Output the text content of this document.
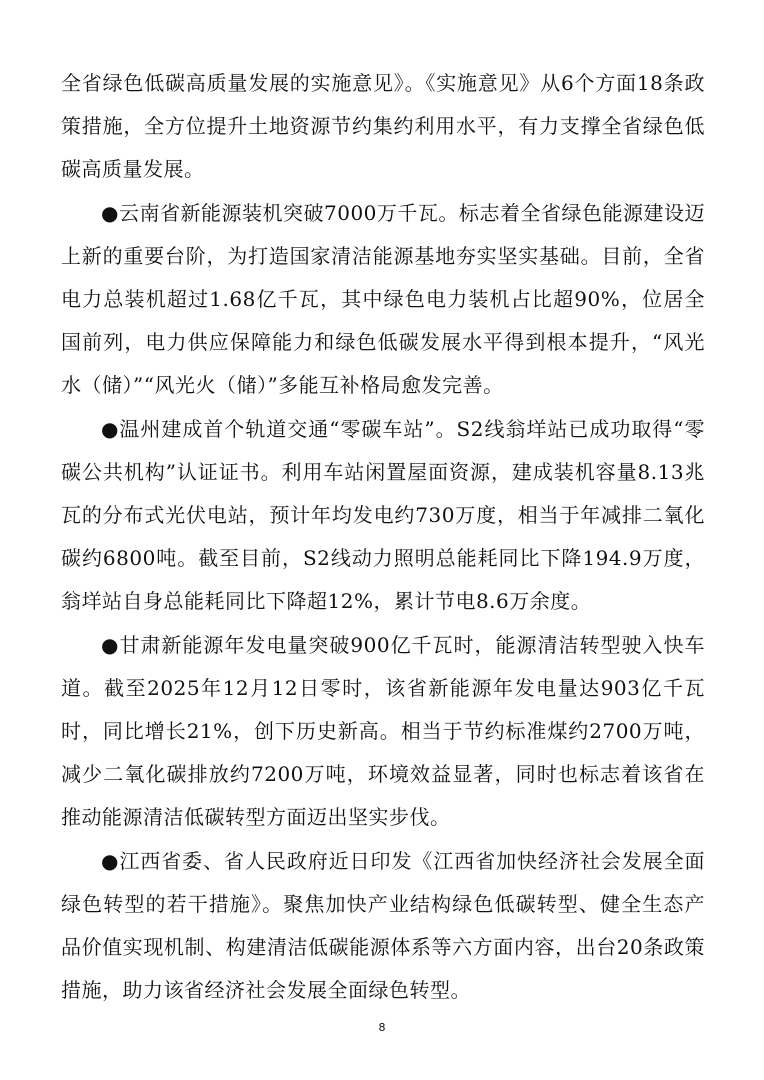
全省绿色低碳高质量发展的实施意见》。《实施意见》从6个方面18条政策措施，全方位提升土地资源节约集约利用水平，有力支撑全省绿色低碳高质量发展。

●云南省新能源装机突破7000万千瓦。标志着全省绿色能源建设迈上新的重要台阶，为打造国家清洁能源基地夯实坚实基础。目前，全省电力总装机超过1.68亿千瓦，其中绿色电力装机占比超90%，位居全国前列，电力供应保障能力和绿色低碳发展水平得到根本提升，“风光水（储）”“风光火（储）”多能互补格局愈发完善。

●温州建成首个轨道交通“零碳车站”。S2线翁垟站已成功取得“零碳公共机构”认证证书。利用车站闲置屋面资源，建成装机容量8.13兆瓦的分布式光伏电站，预计年均发电约730万度，相当于年减排二氧化碳约6800吨。截至目前，S2线动力照明总能耗同比下降194.9万度，翁垟站自身总能耗同比下降超12%，累计节电8.6万余度。

●甘肃新能源年发电量突破900亿千瓦时，能源清洁转型驶入快车道。截至2025年12月12日零时，该省新能源年发电量达903亿千瓦时，同比增长21%，创下历史新高。相当于节约标准煤约2700万吨，减少二氧化碳排放约7200万吨，环境效益显著，同时也标志着该省在推动能源清洁低碳转型方面迈出坚实步伐。

●江西省委、省人民政府近日印发《江西省加快经济社会发展全面绿色转型的若干措施》。聚焦加快产业结构绿色低碳转型、健全生态产品价值实现机制、构建清洁低碳能源体系等六方面内容，出台20条政策措施，助力该省经济社会发展全面绿色转型。

8
